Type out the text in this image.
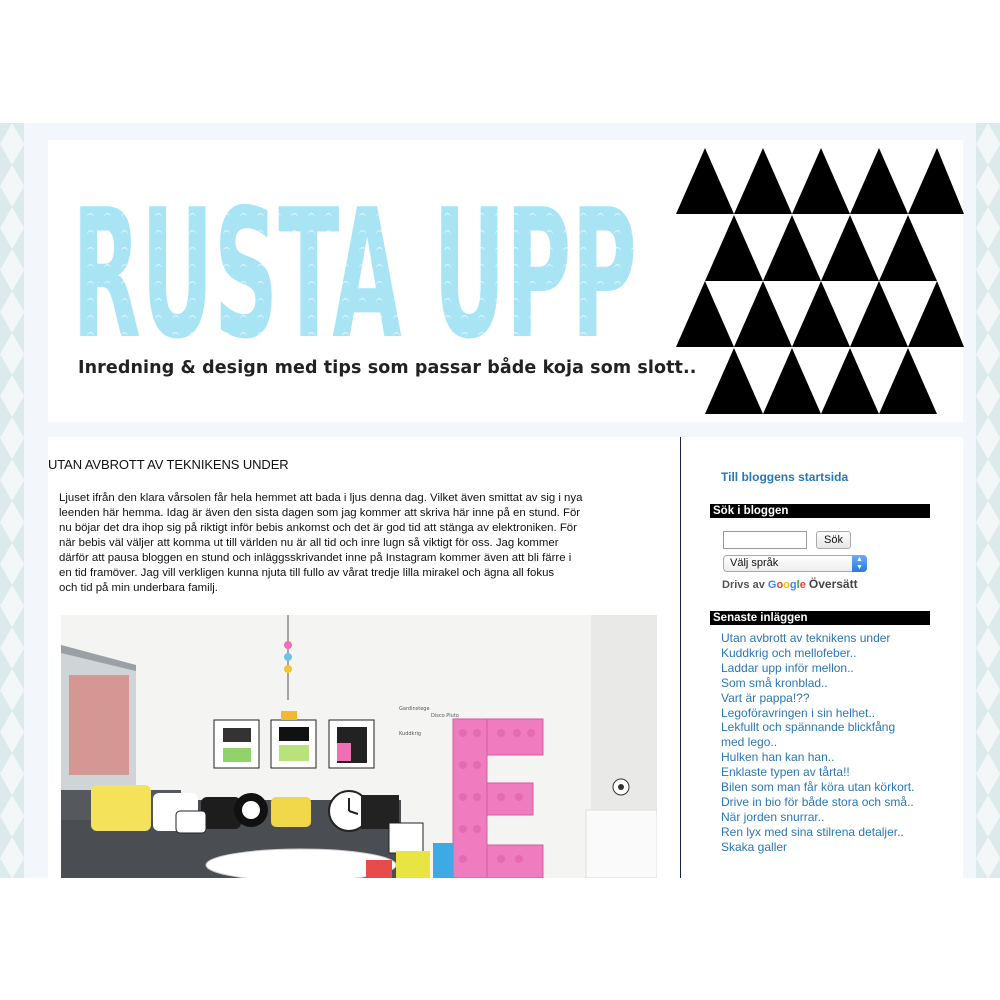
RUSTA UPP
Inredning & design med tips som passar både koja som slott..
UTAN AVBROTT AV TEKNIKENS UNDER
Ljuset ifrån den klara vårsolen får hela hemmet att bada i ljus denna dag. Vilket även smittat av sig i nya
leenden här hemma. Idag är även den sista dagen som jag kommer att skriva här inne på en stund. För
nu böjar det dra ihop sig på riktigt inför bebis ankomst och det är god tid att stänga av elektroniken. För
när bebis väl väljer att komma ut till världen nu är all tid och inre lugn så viktigt för oss. Jag kommer
därför att pausa bloggen en stund och inläggsskrivandet inne på Instagram kommer även att bli färre i
en tid framöver. Jag vill verkligen kunna njuta till fullo av vårat tredje lilla mirakel och ägna all fokus
och tid på min underbara familj.
Gardinstege
Disco Pluto
Kuddkrig
Till bloggens startsida
Sök i bloggen
Sök
Välj språk	▲
▼
Drivs av Google Översätt
Senaste inläggen
Utan avbrott av teknikens under
Kuddkrig och mellofeber..
Laddar upp inför mellon..
Som små kronblad..
Vart är pappa!??
Legoföravringen i sin helhet..
Lekfullt och spännande blickfång med lego..
Hulken han kan han..
Enklaste typen av tårta!!
Bilen som man får köra utan körkort.
Drive in bio för både stora och små..
När jorden snurrar..
Ren lyx med sina stilrena detaljer..
Skaka galler
